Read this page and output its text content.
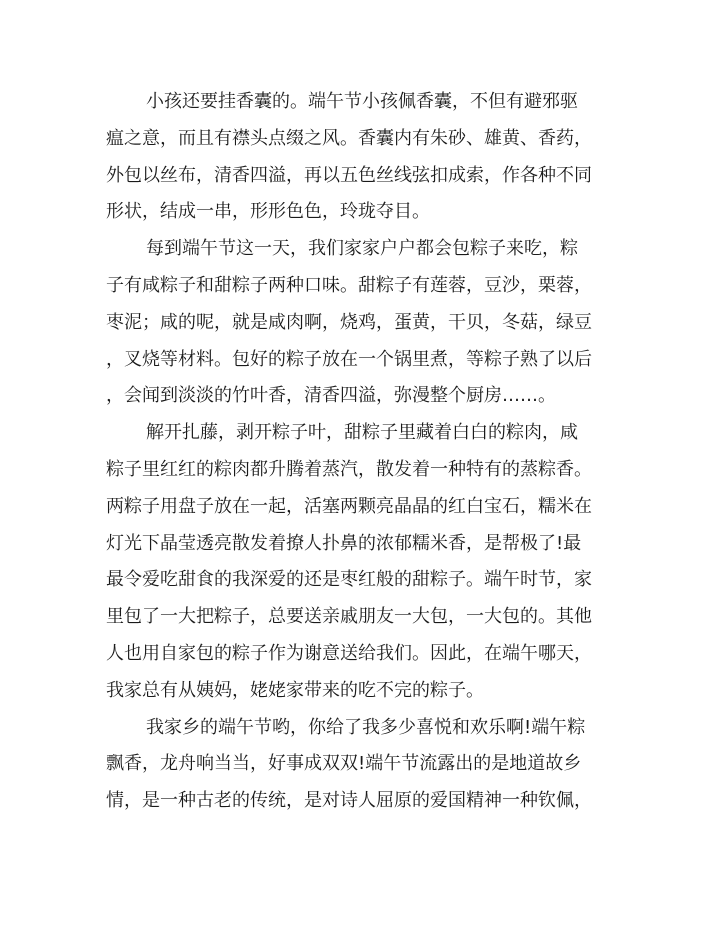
小孩还要挂香囊的。端午节小孩佩香囊，不但有避邪驱
瘟之意，而且有襟头点缀之风。香囊内有朱砂、雄黄、香药，
外包以丝布，清香四溢，再以五色丝线弦扣成索，作各种不同
形状，结成一串，形形色色，玲珑夺目。
每到端午节这一天，我们家家户户都会包粽子来吃，粽
子有咸粽子和甜粽子两种口味。甜粽子有莲蓉，豆沙，栗蓉，
枣泥；咸的呢，就是咸肉啊，烧鸡，蛋黄，干贝，冬菇，绿豆
，叉烧等材料。包好的粽子放在一个锅里煮，等粽子熟了以后
，会闻到淡淡的竹叶香，清香四溢，弥漫整个厨房……。
解开扎藤，剥开粽子叶，甜粽子里藏着白白的粽肉，咸
粽子里红红的粽肉都升腾着蒸汽，散发着一种特有的蒸粽香。
两粽子用盘子放在一起，活塞两颗亮晶晶的红白宝石，糯米在
灯光下晶莹透亮散发着撩人扑鼻的浓郁糯米香，是帮极了!最
最令爱吃甜食的我深爱的还是枣红般的甜粽子。端午时节，家
里包了一大把粽子，总要送亲戚朋友一大包，一大包的。其他
人也用自家包的粽子作为谢意送给我们。因此，在端午哪天，
我家总有从姨妈，姥姥家带来的吃不完的粽子。
我家乡的端午节哟，你给了我多少喜悦和欢乐啊!端午粽
飘香，龙舟响当当，好事成双双!端午节流露出的是地道故乡
情，是一种古老的传统，是对诗人屈原的爱国精神一种钦佩，
